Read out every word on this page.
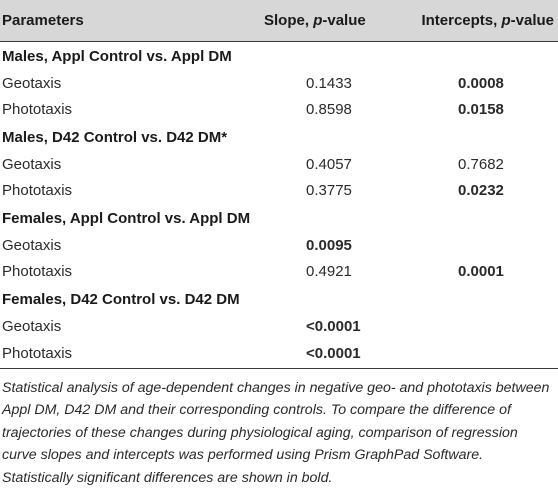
Parameters	Slope, p-value	Intercepts, p-value
Males, Appl Control vs. Appl DM		
Geotaxis	0.1433	0.0008
Phototaxis	0.8598	0.0158
Males, D42 Control vs. D42 DM*		
Geotaxis	0.4057	0.7682
Phototaxis	0.3775	0.0232
Females, Appl Control vs. Appl DM		
Geotaxis	0.0095	
Phototaxis	0.4921	0.0001
Females, D42 Control vs. D42 DM		
Geotaxis	<0.0001	
Phototaxis	<0.0001	
Statistical analysis of age-dependent changes in negative geo- and phototaxis between Appl DM, D42 DM and their corresponding controls. To compare the difference of trajectories of these changes during physiological aging, comparison of regression curve slopes and intercepts was performed using Prism GraphPad Software. Statistically significant differences are shown in bold.
